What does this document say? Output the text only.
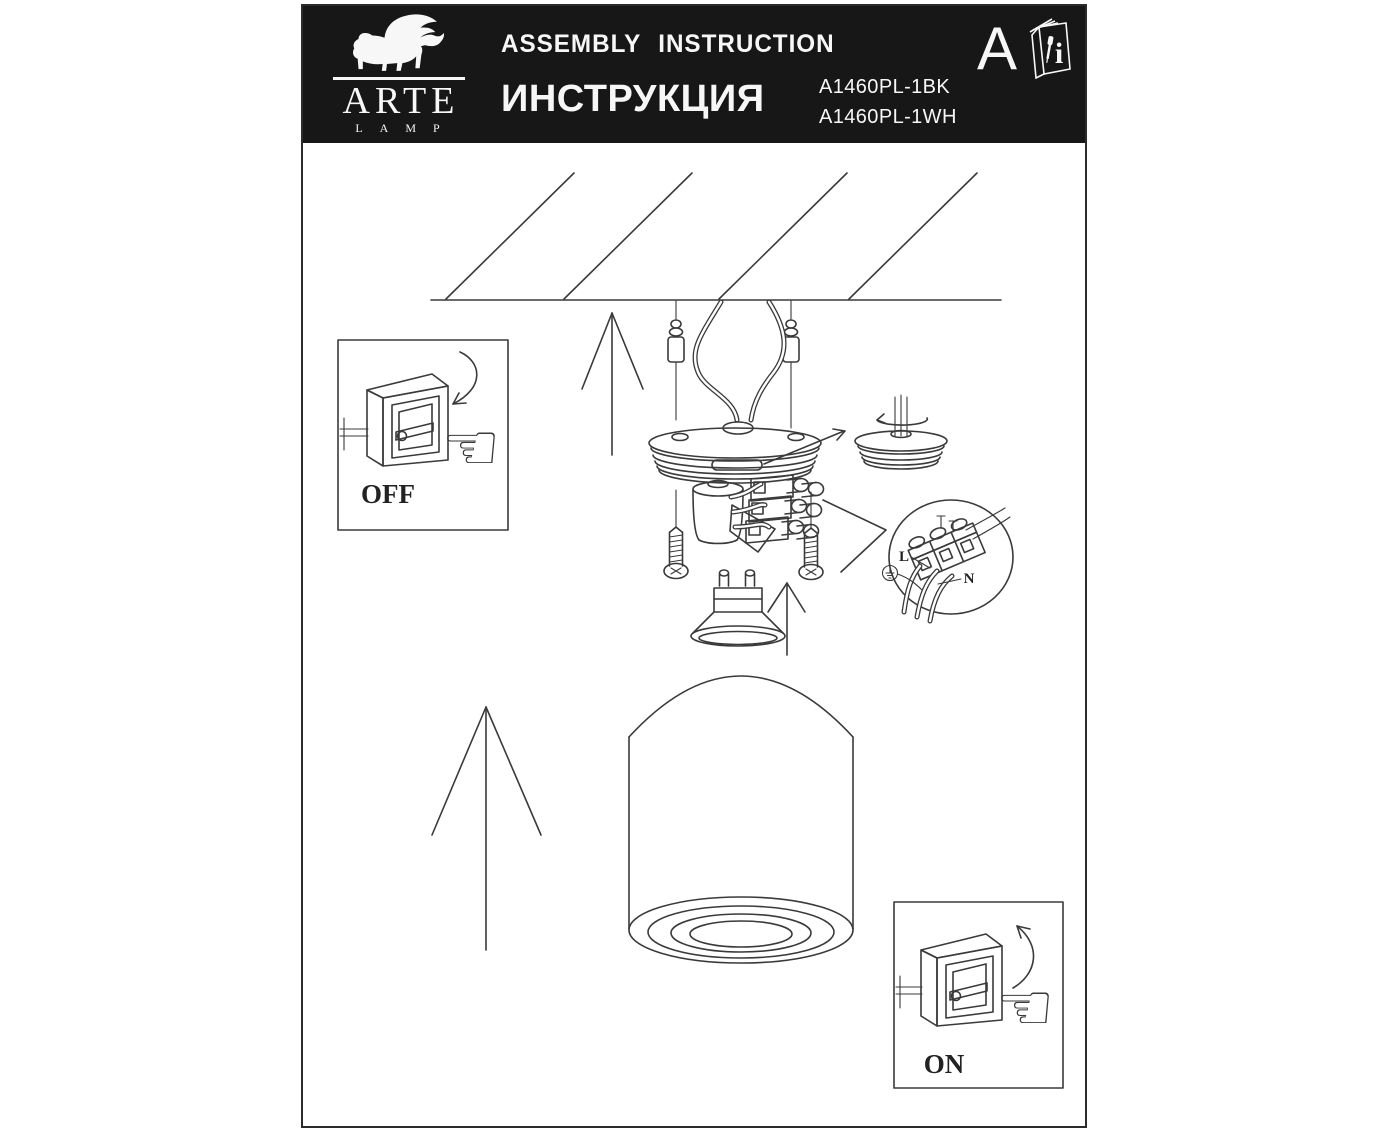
ARTE
LAMP
ASSEMBLY INSTRUCTION
ИНСТРУКЦИЯ	A1460PL-1BK
A1460PL-1WH
A i
L
N
☜
OFF
☜
ON
